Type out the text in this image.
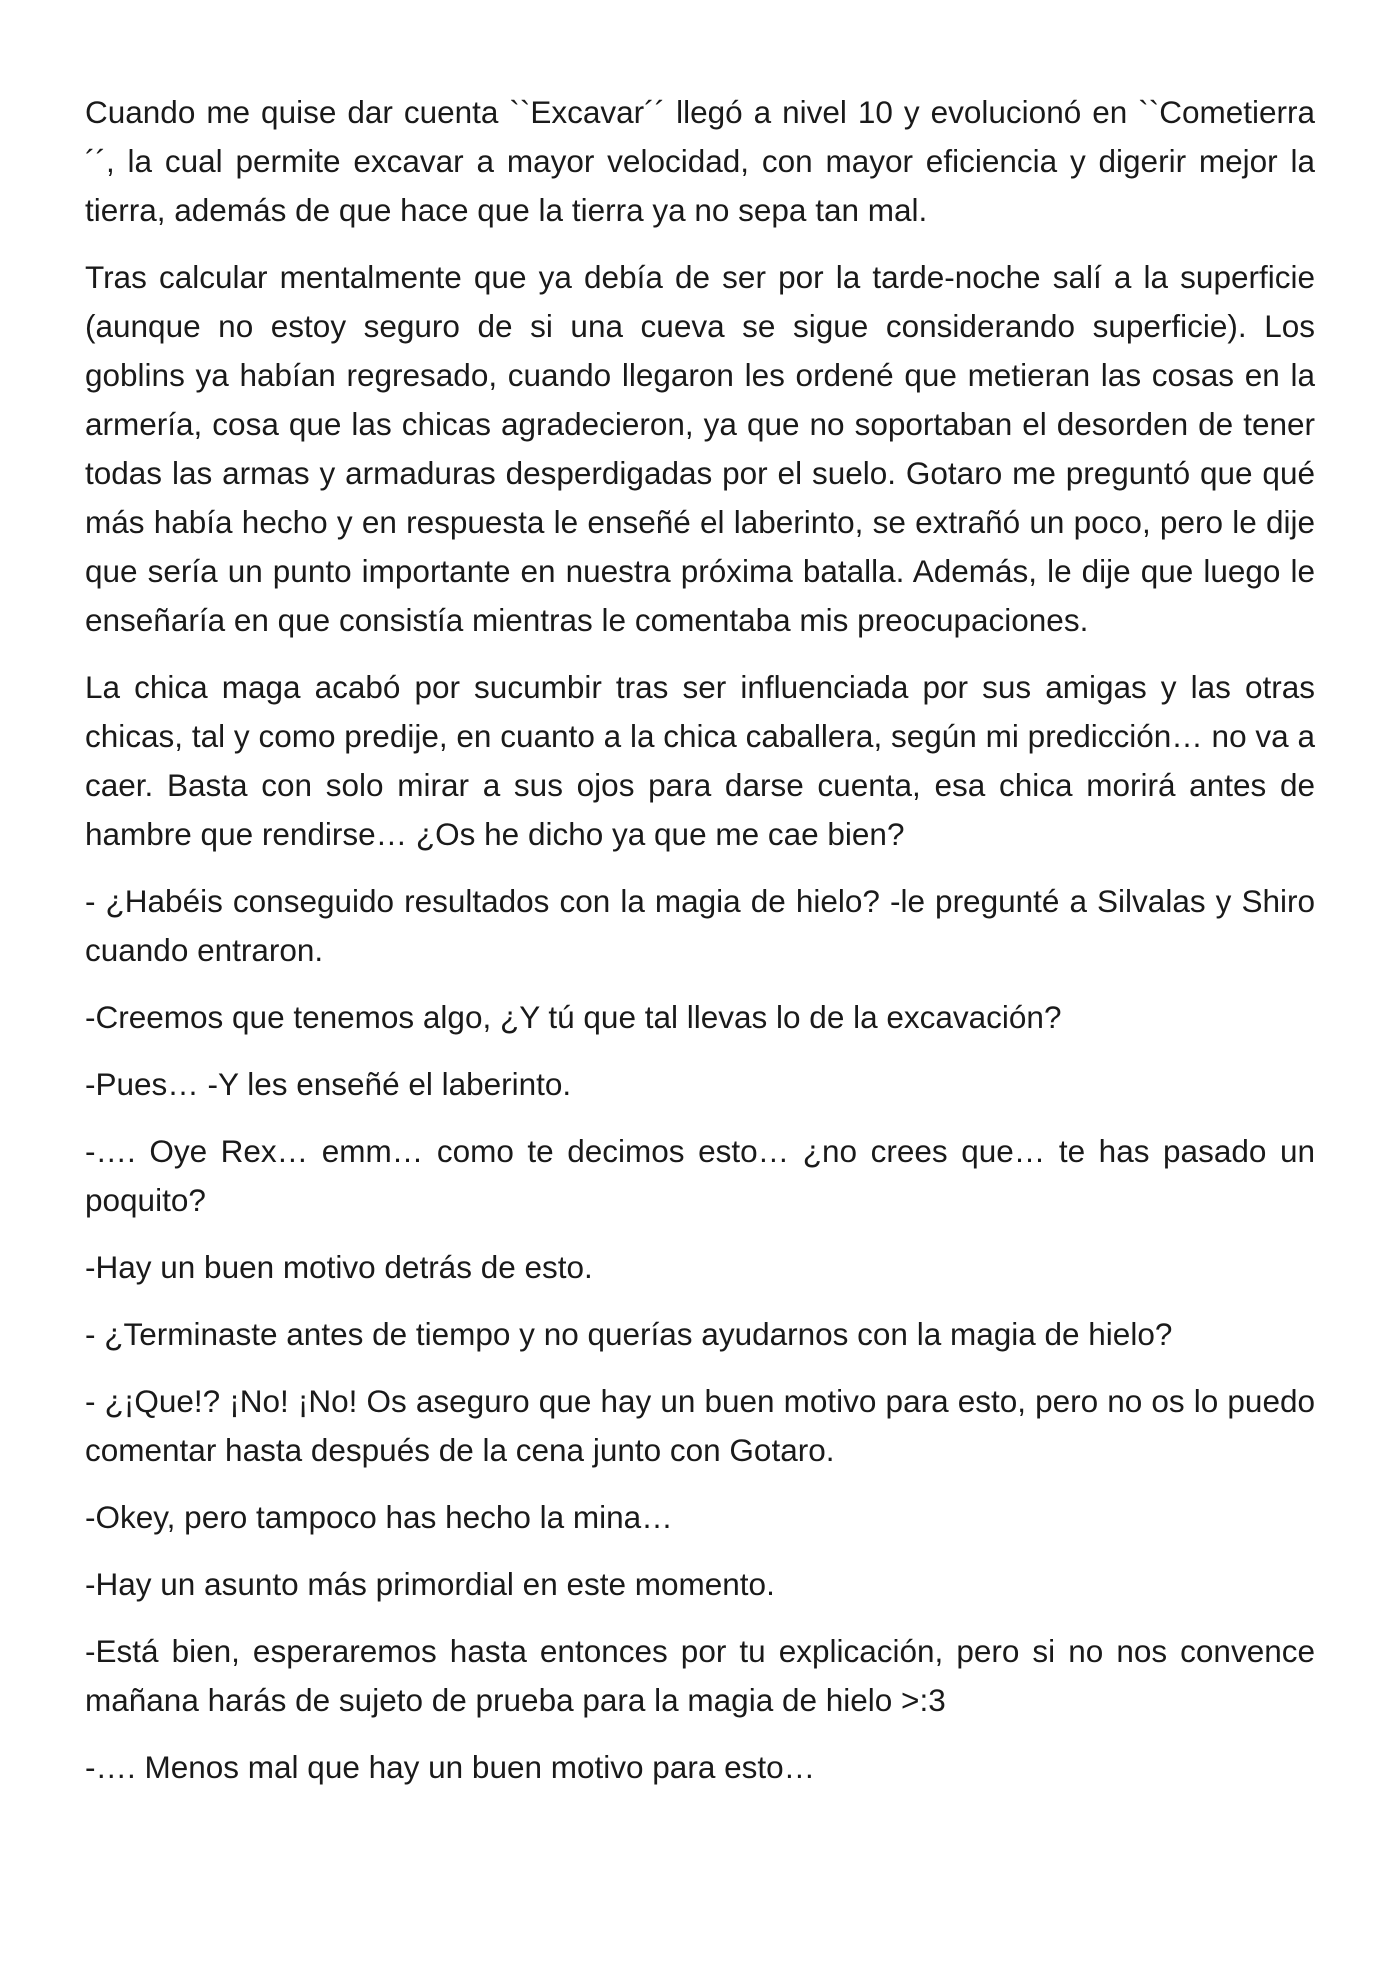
Cuando me quise dar cuenta ``Excavar´´ llegó a nivel 10 y evolucionó en ``Cometierra´´, la cual permite excavar a mayor velocidad, con mayor eficiencia y digerir mejor la tierra, además de que hace que la tierra ya no sepa tan mal.

Tras calcular mentalmente que ya debía de ser por la tarde-noche salí a la superficie (aunque no estoy seguro de si una cueva se sigue considerando superficie). Los goblins ya habían regresado, cuando llegaron les ordené que metieran las cosas en la armería, cosa que las chicas agradecieron, ya que no soportaban el desorden de tener todas las armas y armaduras desperdigadas por el suelo. Gotaro me preguntó que qué más había hecho y en respuesta le enseñé el laberinto, se extrañó un poco, pero le dije que sería un punto importante en nuestra próxima batalla. Además, le dije que luego le enseñaría en que consistía mientras le comentaba mis preocupaciones.

La chica maga acabó por sucumbir tras ser influenciada por sus amigas y las otras chicas, tal y como predije, en cuanto a la chica caballera, según mi predicción… no va a caer. Basta con solo mirar a sus ojos para darse cuenta, esa chica morirá antes de hambre que rendirse… ¿Os he dicho ya que me cae bien?

- ¿Habéis conseguido resultados con la magia de hielo? -le pregunté a Silvalas y Shiro cuando entraron.

-Creemos que tenemos algo, ¿Y tú que tal llevas lo de la excavación?

-Pues… -Y les enseñé el laberinto.

-…. Oye Rex… emm… como te decimos esto… ¿no crees que… te has pasado un poquito?

-Hay un buen motivo detrás de esto.

- ¿Terminaste antes de tiempo y no querías ayudarnos con la magia de hielo?

- ¿¡Que!? ¡No! ¡No! Os aseguro que hay un buen motivo para esto, pero no os lo puedo comentar hasta después de la cena junto con Gotaro.

-Okey, pero tampoco has hecho la mina…

-Hay un asunto más primordial en este momento.

-Está bien, esperaremos hasta entonces por tu explicación, pero si no nos convence mañana harás de sujeto de prueba para la magia de hielo >:3

-…. Menos mal que hay un buen motivo para esto…
